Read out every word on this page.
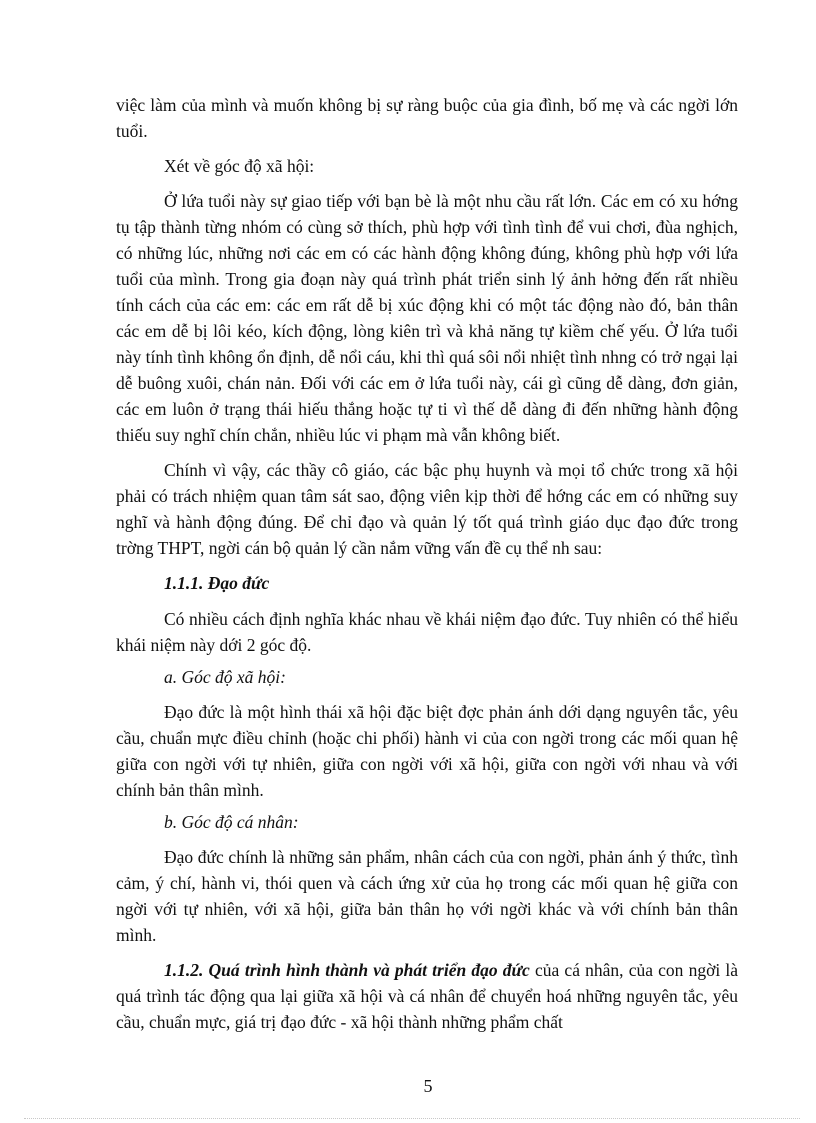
việc làm của mình và muốn không bị sự ràng buộc của gia đình, bố mẹ và các ngời lớn tuổi.

Xét về góc độ xã hội:

Ở lứa tuổi này sự giao tiếp với bạn bè là một nhu cầu rất lớn. Các em có xu hớng tụ tập thành từng nhóm có cùng sở thích, phù hợp với tình tình để vui chơi, đùa nghịch, có những lúc, những nơi các em có các hành động không đúng, không phù hợp với lứa tuổi của mình. Trong gia đoạn này quá trình phát triển sinh lý ảnh hởng đến rất nhiều tính cách của các em: các em rất dễ bị xúc động khi có một tác động nào đó, bản thân các em dễ bị lôi kéo, kích động, lòng kiên trì và khả năng tự kiềm chế yếu. Ở lứa tuổi này tính tình không ổn định, dễ nổi cáu, khi thì quá sôi nổi nhiệt tình nhng có trở ngại lại dễ buông xuôi, chán nản. Đối với các em ở lứa tuổi này, cái gì cũng dễ dàng, đơn giản, các em luôn ở trạng thái hiếu thắng hoặc tự ti vì thế dễ dàng đi đến những hành động thiếu suy nghĩ chín chắn, nhiều lúc vi phạm mà vẫn không biết.

Chính vì vậy, các thầy cô giáo, các bậc phụ huynh và mọi tổ chức trong xã hội phải có trách nhiệm quan tâm sát sao, động viên kịp thời để hớng các em có những suy nghĩ và hành động đúng. Để chỉ đạo và quản lý tốt quá trình giáo dục đạo đức trong trờng THPT, ngời cán bộ quản lý cần nắm vững vấn đề cụ thể nh sau:

1.1.1. Đạo đức

Có nhiều cách định nghĩa khác nhau về khái niệm đạo đức. Tuy nhiên có thể hiểu khái niệm này dới 2 góc độ.

a. Góc độ xã hội:

Đạo đức là một hình thái xã hội đặc biệt đợc phản ánh dới dạng nguyên tắc, yêu cầu, chuẩn mực điều chỉnh (hoặc chi phối) hành vi của con ngời trong các mối quan hệ giữa con ngời với tự nhiên, giữa con ngời với xã hội, giữa con ngời với nhau và với chính bản thân mình.

b. Góc độ cá nhân:

Đạo đức chính là những sản phẩm, nhân cách của con ngời, phản ánh ý thức, tình cảm, ý chí, hành vi, thói quen và cách ứng xử của họ trong các mối quan hệ giữa con ngời với tự nhiên, với xã hội, giữa bản thân họ với ngời khác và với chính bản thân mình.

1.1.2. Quá trình hình thành và phát triển đạo đức của cá nhân, của con ngời là quá trình tác động qua lại giữa xã hội và cá nhân để chuyển hoá những nguyên tắc, yêu cầu, chuẩn mực, giá trị đạo đức - xã hội thành những phẩm chất

5
